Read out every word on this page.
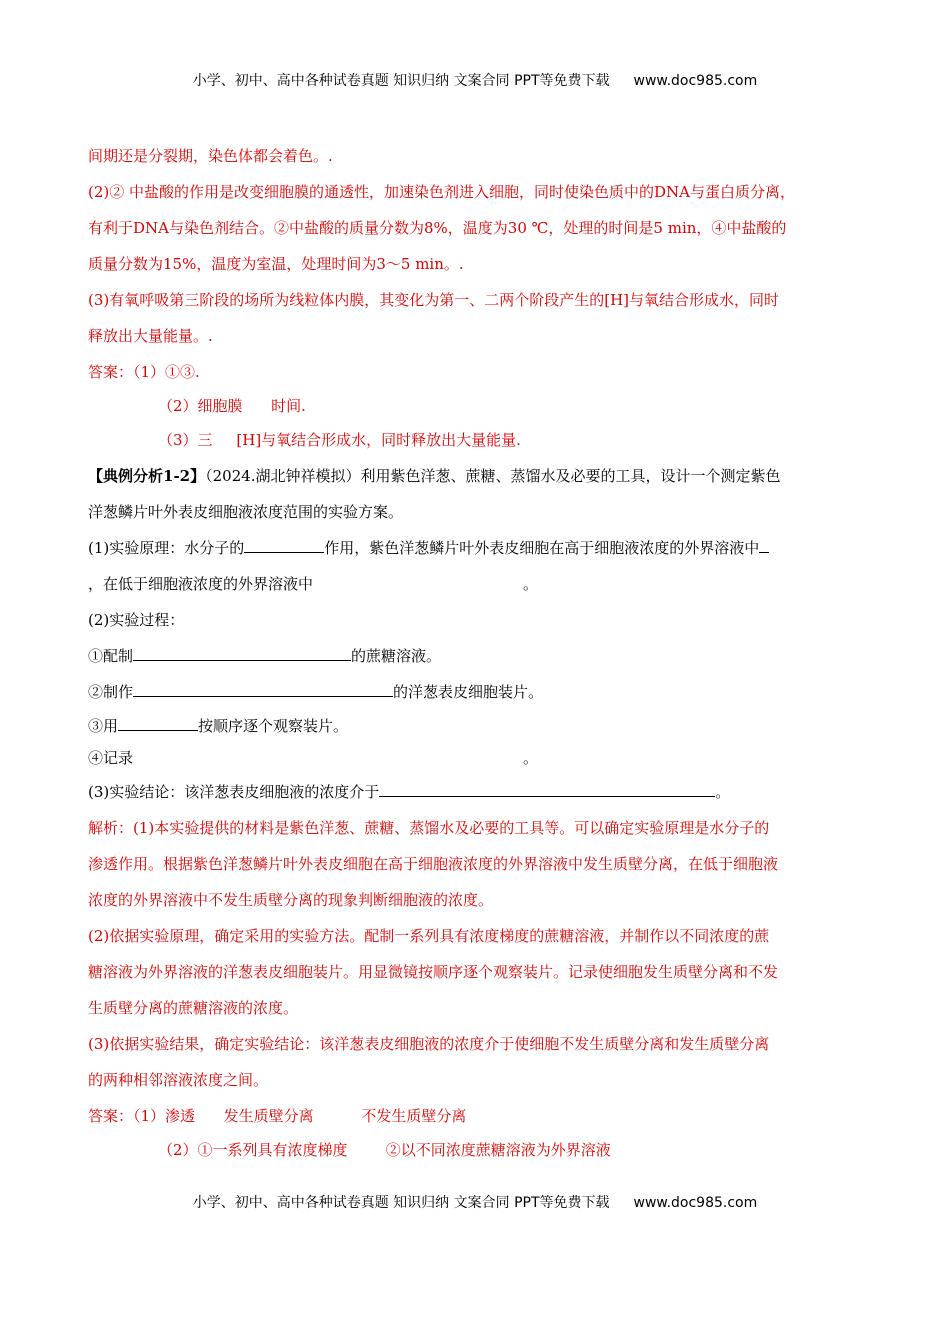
小学、初中、高中各种试卷真题 知识归纳 文案合同 PPT等免费下载 www.doc985.com
间期还是分裂期，染色体都会着色。.
(2)② 中盐酸的作用是改变细胞膜的通透性，加速染色剂进入细胞，同时使染色质中的DNA与蛋白质分离，
有利于DNA与染色剂结合。②中盐酸的质量分数为8%，温度为30 ℃，处理的时间是5 min，④中盐酸的
质量分数为15%，温度为室温，处理时间为3～5 min。.
(3)有氧呼吸第三阶段的场所为线粒体内膜，其变化为第一、二两个阶段产生的[H]与氧结合形成水，同时
释放出大量能量。.
答案：（1）①③.
（2）细胞膜      时间.
（3）三     [H]与氧结合形成水，同时释放出大量能量.
【典例分析1-2】（2024.湖北钟祥模拟）利用紫色洋葱、蔗糖、蒸馏水及必要的工具，设计一个测定紫色
洋葱鳞片叶外表皮细胞液浓度范围的实验方案。
(1)实验原理：水分子的	作用，紫色洋葱鳞片叶外表皮细胞在高于细胞液浓度的外界溶液中
，在低于细胞液浓度的外界溶液中	。
(2)实验过程：
①配制	的蔗糖溶液。
②制作	的洋葱表皮细胞装片。
③用	按顺序逐个观察装片。
④记录	。
(3)实验结论：该洋葱表皮细胞液的浓度介于	。
解析：(1)本实验提供的材料是紫色洋葱、蔗糖、蒸馏水及必要的工具等。可以确定实验原理是水分子的
渗透作用。根据紫色洋葱鳞片叶外表皮细胞在高于细胞液浓度的外界溶液中发生质壁分离，在低于细胞液
浓度的外界溶液中不发生质壁分离的现象判断细胞液的浓度。
(2)依据实验原理，确定采用的实验方法。配制一系列具有浓度梯度的蔗糖溶液，并制作以不同浓度的蔗
糖溶液为外界溶液的洋葱表皮细胞装片。用显微镜按顺序逐个观察装片。记录使细胞发生质壁分离和不发
生质壁分离的蔗糖溶液的浓度。
(3)依据实验结果，确定实验结论：该洋葱表皮细胞液的浓度介于使细胞不发生质壁分离和发生质壁分离
的两种相邻溶液浓度之间。
答案：（1）渗透      发生质壁分离          不发生质壁分离
（2）①一系列具有浓度梯度        ②以不同浓度蔗糖溶液为外界溶液
小学、初中、高中各种试卷真题 知识归纳 文案合同 PPT等免费下载 www.doc985.com
